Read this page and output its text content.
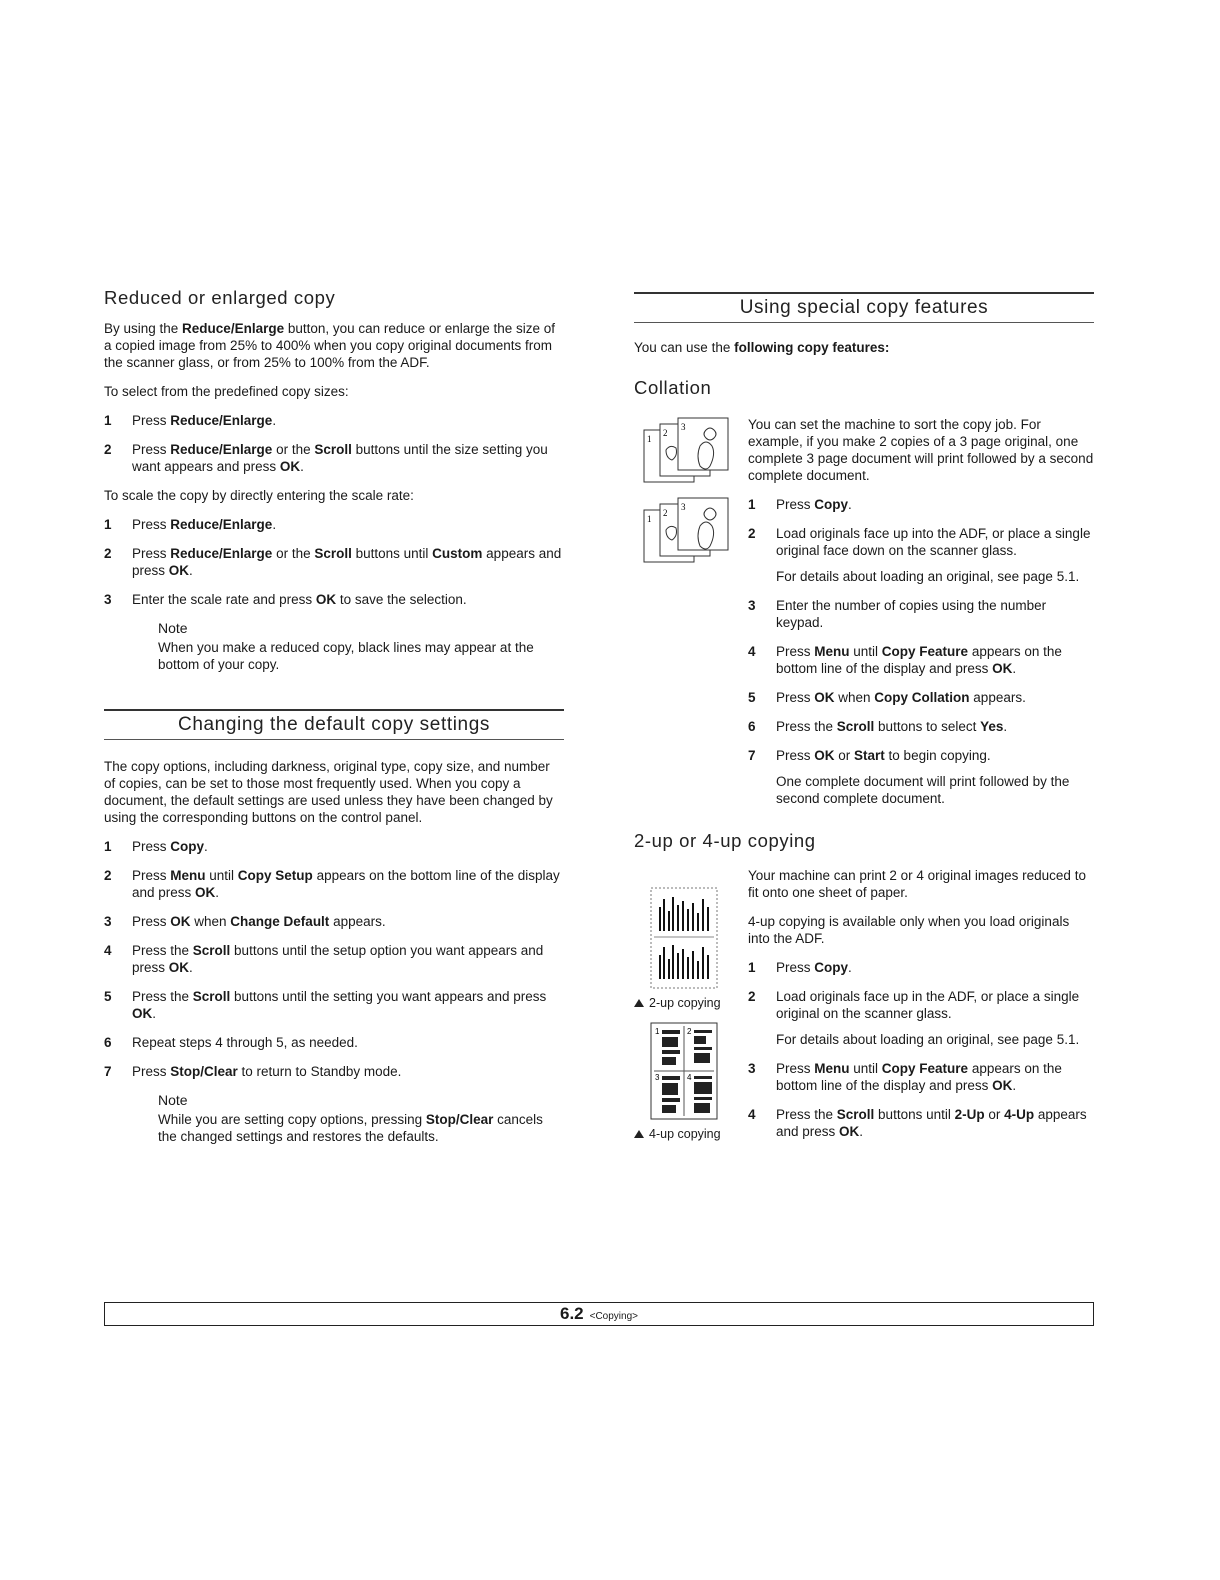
Reduced or enlarged copy

By using the Reduce/Enlarge button, you can reduce or enlarge the size of a copied image from 25% to 400% when you copy original documents from the scanner glass, or from 25% to 100% from the ADF.

To select from the predefined copy sizes:

1 Press Reduce/Enlarge.
2 Press Reduce/Enlarge or the Scroll buttons until the size setting you want appears and press OK.

To scale the copy by directly entering the scale rate:

1 Press Reduce/Enlarge.
2 Press Reduce/Enlarge or the Scroll buttons until Custom appears and press OK.
3 Enter the scale rate and press OK to save the selection.
Note
When you make a reduced copy, black lines may appear at the bottom of your copy.
Changing the default copy settings

The copy options, including darkness, original type, copy size, and number of copies, can be set to those most frequently used. When you copy a document, the default settings are used unless they have been changed by using the corresponding buttons on the control panel.

1 Press Copy.
2 Press Menu until Copy Setup appears on the bottom line of the display and press OK.
3 Press OK when Change Default appears.
4 Press the Scroll buttons until the setup option you want appears and press OK.
5 Press the Scroll buttons until the setting you want appears and press OK.
6 Repeat steps 4 through 5, as needed.
7 Press Stop/Clear to return to Standby mode.
Note
While you are setting copy options, pressing Stop/Clear cancels the changed settings and restores the defaults.
Using special copy features

You can use the following copy features:

Collation
1
2
3
1
2
3

You can set the machine to sort the copy job. For example, if you make 2 copies of a 3 page original, one complete 3 page document will print followed by a second complete document.

1 Press Copy.
2 Load originals face up into the ADF, or place a single original face down on the scanner glass.
For details about loading an original, see page 5.1.
3 Enter the number of copies using the number keypad.
4 Press Menu until Copy Feature appears on the bottom line of the display and press OK.
5 Press OK when Copy Collation appears.
6 Press the Scroll buttons to select Yes.
7 Press OK or Start to begin copying.
One complete document will print followed by the second complete document.
2-up or 4-up copying
2-up copying
1	2
3	4
4-up copying

Your machine can print 2 or 4 original images reduced to fit onto one sheet of paper.

4-up copying is available only when you load originals into the ADF.

1 Press Copy.
2 Load originals face up in the ADF, or place a single original on the scanner glass.
For details about loading an original, see page 5.1.
3 Press Menu until Copy Feature appears on the bottom line of the display and press OK.
4 Press the Scroll buttons until 2-Up or 4-Up appears and press OK.
6.2 <Copying>
